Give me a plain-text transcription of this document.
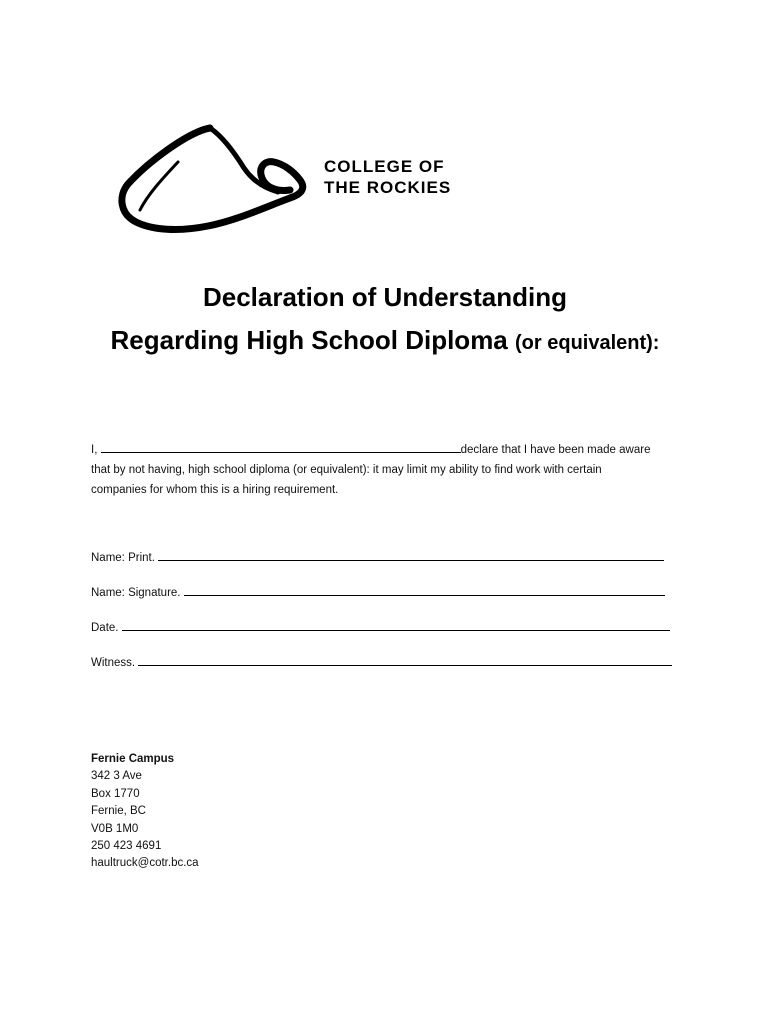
COLLEGE OF
THE ROCKIES
Declaration of Understanding
Regarding High School Diploma (or equivalent):
I,	declare that I have been made aware
that by not having, high school diploma (or equivalent): it may limit my ability to find work with certain
companies for whom this is a hiring requirement.
Name: Print.
Name: Signature.
Date.
Witness.
Fernie Campus
342 3 Ave
Box 1770
Fernie, BC
V0B 1M0
250 423 4691
haultruck@cotr.bc.ca
